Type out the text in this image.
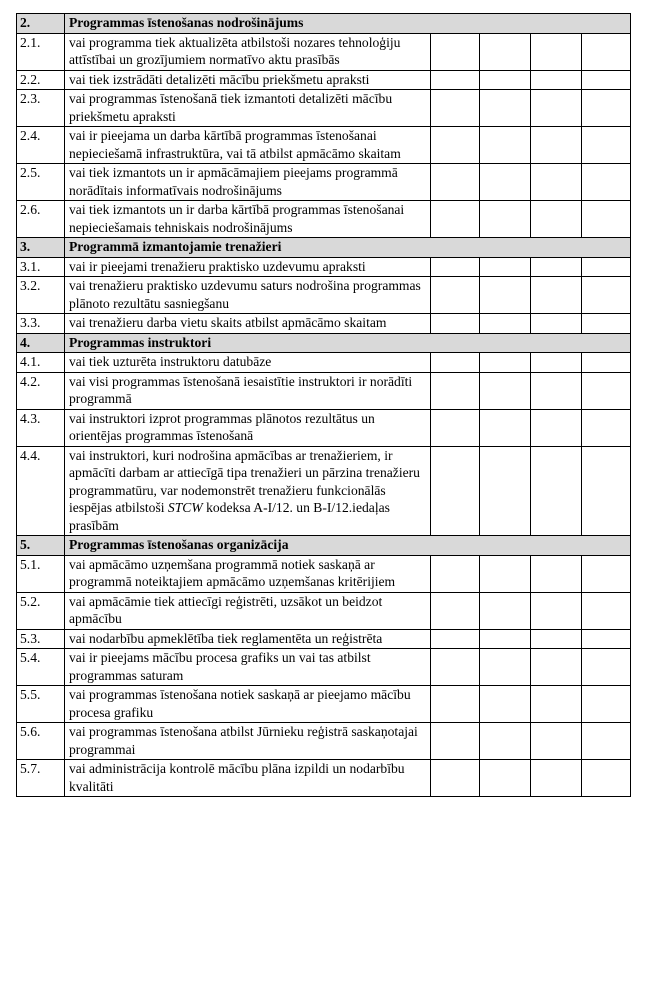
2.	Programmas īstenošanas nodrošinājums				
2.1.	vai programma tiek aktualizēta atbilstoši nozares tehnoloģiju attīstībai un grozījumiem normatīvo aktu prasībās				
2.2.	vai tiek izstrādāti detalizēti mācību priekšmetu apraksti				
2.3.	vai programmas īstenošanā tiek izmantoti detalizēti mācību priekšmetu apraksti				
2.4.	vai ir pieejama un darba kārtībā programmas īstenošanai nepieciešamā infrastruktūra, vai tā atbilst apmācāmo skaitam				
2.5.	vai tiek izmantots un ir apmācāmajiem pieejams programmā norādītais informatīvais nodrošinājums				
2.6.	vai tiek izmantots un ir darba kārtībā programmas īstenošanai nepieciešamais tehniskais nodrošinājums				
3.	Programmā izmantojamie trenažieri				
3.1.	vai ir pieejami trenažieru praktisko uzdevumu apraksti				
3.2.	vai trenažieru praktisko uzdevumu saturs nodrošina programmas plānoto rezultātu sasniegšanu				
3.3.	vai trenažieru darba vietu skaits atbilst apmācāmo skaitam				
4.	Programmas instruktori				
4.1.	vai tiek uzturēta instruktoru datubāze				
4.2.	vai visi programmas īstenošanā iesaistītie instruktori ir norādīti programmā				
4.3.	vai instruktori izprot programmas plānotos rezultātus un orientējas programmas īstenošanā				
4.4.	vai instruktori, kuri nodrošina apmācības ar trenažieriem, ir apmācīti darbam ar attiecīgā tipa trenažieri un pārzina trenažieru programmatūru, var nodemonstrēt trenažieru funkcionālās iespējas atbilstoši STCW kodeksa A-I/12. un B-I/12.iedaļas prasībām				
5.	Programmas īstenošanas organizācija				
5.1.	vai apmācāmo uzņemšana programmā notiek saskaņā ar programmā noteiktajiem apmācāmo uzņemšanas kritērijiem				
5.2.	vai apmācāmie tiek attiecīgi reģistrēti, uzsākot un beidzot apmācību				
5.3.	vai nodarbību apmeklētība tiek reglamentēta un reģistrēta				
5.4.	vai ir pieejams mācību procesa grafiks un vai tas atbilst programmas saturam				
5.5.	vai programmas īstenošana notiek saskaņā ar pieejamo mācību procesa grafiku				
5.6.	vai programmas īstenošana atbilst Jūrnieku reģistrā saskaņotajai programmai				
5.7.	vai administrācija kontrolē mācību plāna izpildi un nodarbību kvalitāti				
